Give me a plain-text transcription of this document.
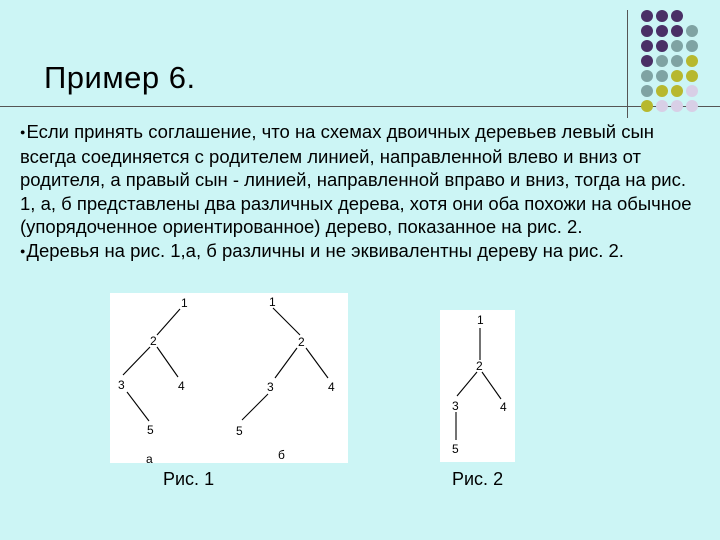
Пример 6.

●Если принять соглашение, что на схемах двоичных деревьев левый сын всегда соединяется с родителем линией, направленной влево и вниз от родителя, а правый сын - линией, направленной вправо и вниз, тогда на рис. 1, а, б представлены два различных дерева, хотя они оба похожи на обычное (упорядоченное ориентированное) дерево, показанное на рис. 2.

●Деревья на рис. 1,а, б различны и не эквивалентны дереву на рис. 2.

1
2
3	4
5
а
1
2
3	4
5
б
Рис. 1
1
2
3	4
5
Рис. 2
